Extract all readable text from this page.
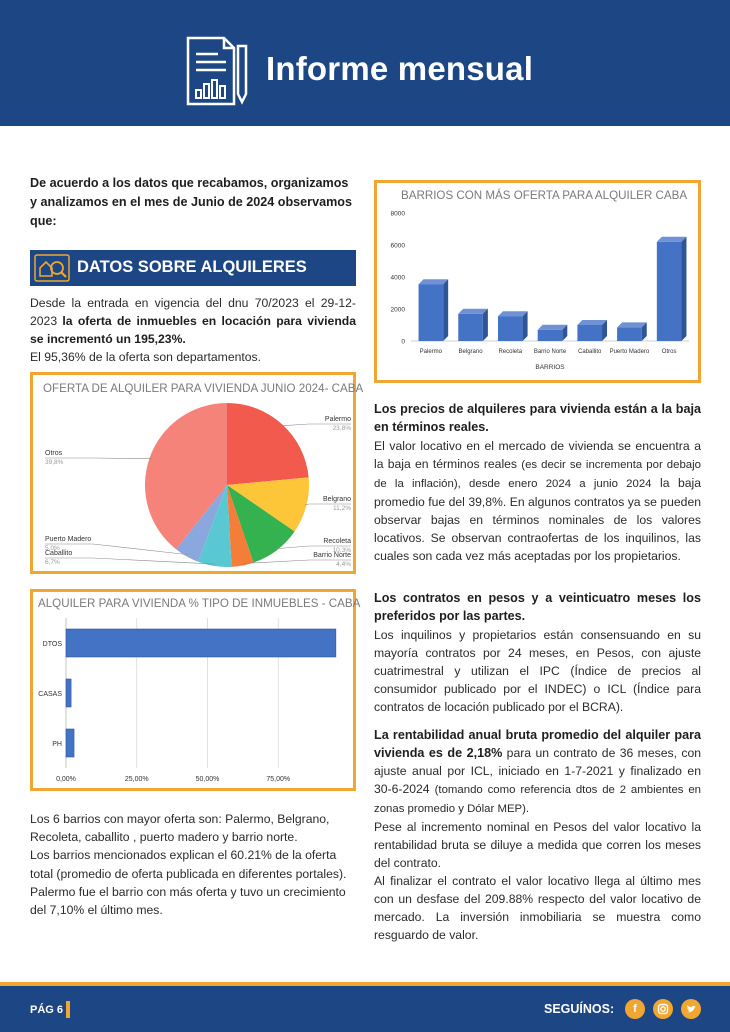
Informe mensual
De acuerdo a los datos que recabamos, organizamos y analizamos en el mes de Junio de 2024 observamos que:
DATOS SOBRE ALQUILERES
Desde la entrada en vigencia del dnu 70/2023 el 29-12-2023 la oferta de inmuebles en locación para vivienda se incrementó un 195,23%.
El 95,36% de la oferta son departamentos.
OFERTA DE ALQUILER PARA VIVIENDA JUNIO 2024- CABA
Palermo
23,8%
Belgrano
11,2%
Recoleta
10,3%
Barrio Norte
4,4%
Caballito
6,7%
Puerto Madero
5,0%
Otros
39,8%
ALQUILER PARA VIVIENDA % TIPO DE INMUEBLES - CABA
0,00%	25,00%	50,00%	75,00%
DTOS
CASAS
PH
Los 6 barrios con mayor oferta son: Palermo, Belgrano, Recoleta, caballito , puerto madero y barrio norte.
Los barrios mencionados explican el 60.21% de la oferta total (promedio de oferta publicada en diferentes portales).
Palermo fue el barrio con más oferta y tuvo un crecimiento del 7,10% el último mes.
BARRIOS CON MÁS OFERTA PARA ALQUILER CABA
0
2000
4000
6000
8000
Palermo	Belgrano	Recoleta Barrio Norte Caballito Puerto Madero Otros
BARRIOS
Los precios de alquileres para vivienda están a la baja en términos reales.
El valor locativo en el mercado de vivienda se encuentra a la baja en términos reales (es decir se incrementa por debajo de la inflación), desde enero 2024 a junio 2024 la baja promedio fue del 39,8%. En algunos contratos ya se pueden observar bajas en términos nominales de los valores locativos. Se observan contraofertas de los inquilinos, las cuales son cada vez más aceptadas por los propietarios.
Los contratos en pesos y a veinticuatro meses los preferidos por las partes.
Los inquilinos y propietarios están consensuando en su mayoría contratos por 24 meses, en Pesos, con ajuste cuatrimestral y utilizan el IPC (Índice de precios al consumidor publicado por el INDEC) o ICL (Índice para contratos de locación publicado por el BCRA).
La rentabilidad anual bruta promedio del alquiler para vivienda es de 2,18% para un contrato de 36 meses, con ajuste anual por ICL, iniciado en 1-7-2021 y finalizado en 30-6-2024 (tomando como referencia dtos de 2 ambientes en zonas promedio y Dólar MEP).
Pese al incremento nominal en Pesos del valor locativo la rentabilidad bruta se diluye a medida que corren los meses del contrato.
Al finalizar el contrato el valor locativo llega al último mes con un desfase del 209.88% respecto del valor locativo de mercado. La inversión inmobiliaria se muestra como resguardo de valor.
PÁG 6	SEGUÍNOS:	f
